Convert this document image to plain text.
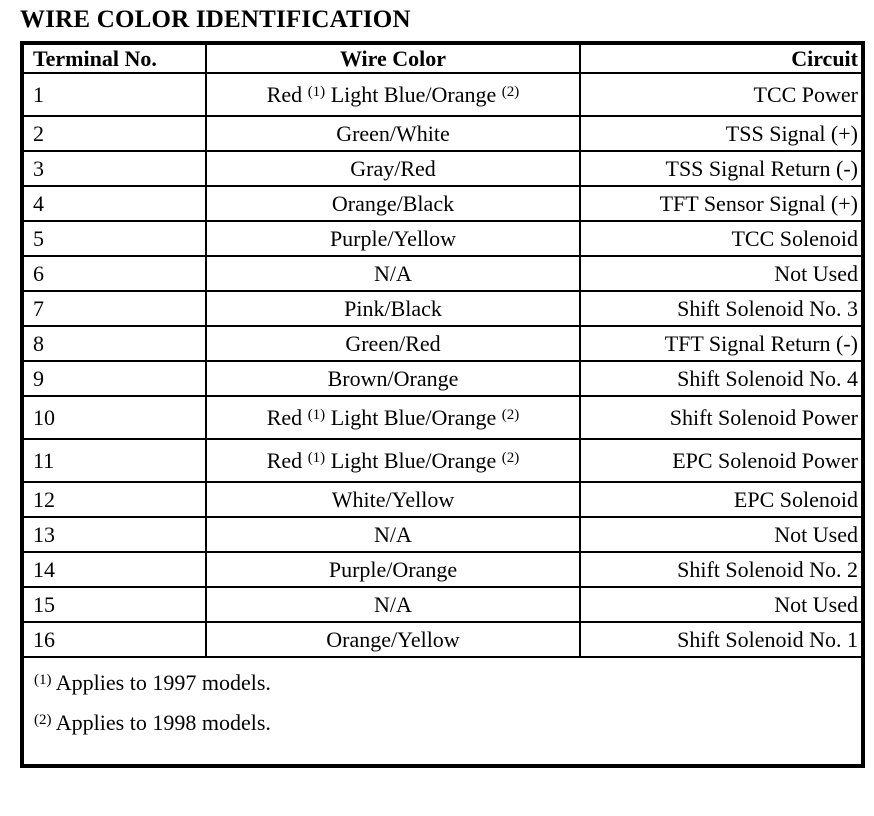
WIRE COLOR IDENTIFICATION
Terminal No.	Wire Color	Circuit
1	Red $^{(1)}$ Light Blue/Orange $^{(2)}$	TCC Power
2	Green/White	TSS Signal (+)
3	Gray/Red	TSS Signal Return (-)
4	Orange/Black	TFT Sensor Signal (+)
5	Purple/Yellow	TCC Solenoid
6	N/A	Not Used
7	Pink/Black	Shift Solenoid No. 3
8	Green/Red	TFT Signal Return (-)
9	Brown/Orange	Shift Solenoid No. 4
10	Red $^{(1)}$ Light Blue/Orange $^{(2)}$	Shift Solenoid Power
11	Red $^{(1)}$ Light Blue/Orange $^{(2)}$	EPC Solenoid Power
12	White/Yellow	EPC Solenoid
13	N/A	Not Used
14	Purple/Orange	Shift Solenoid No. 2
15	N/A	Not Used
16	Orange/Yellow	Shift Solenoid No. 1

$^{(1)}$ Applies to 1997 models.

$^{(2)}$ Applies to 1998 models.		
